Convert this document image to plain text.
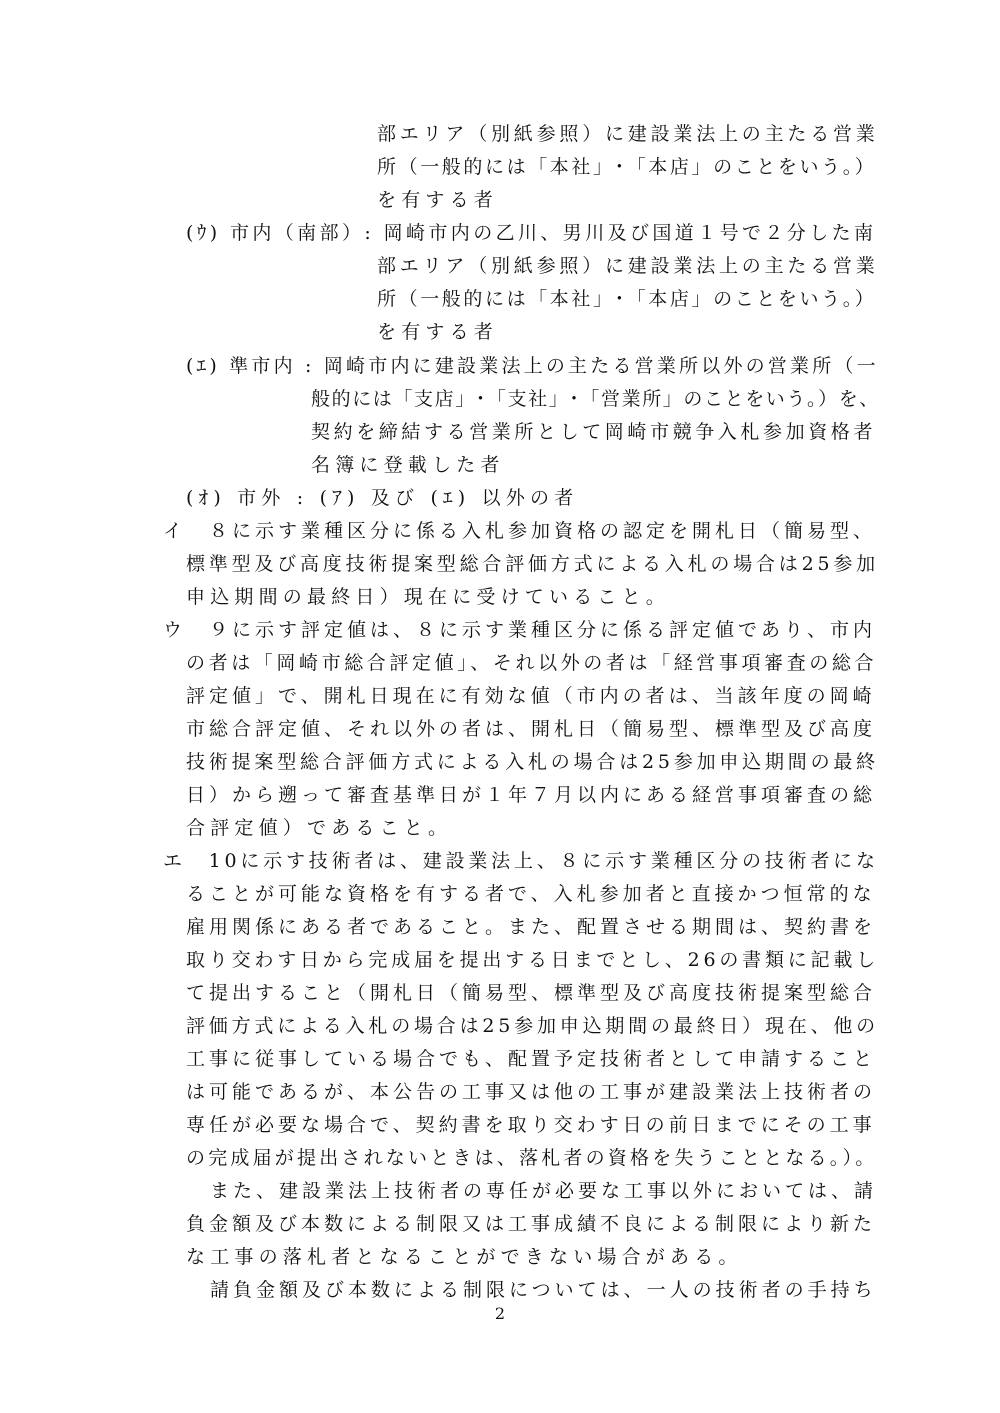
部エリア（別紙参照）に建設業法上の主たる営業
所（一般的には「本社」･「本店」のことをいう。）
を有する者
(ｳ) 市内（南部）: 岡崎市内の乙川、男川及び国道１号で２分した南
部エリア（別紙参照）に建設業法上の主たる営業
所（一般的には「本社」･「本店」のことをいう。）
を有する者
(ｴ) 準市内 : 岡崎市内に建設業法上の主たる営業所以外の営業所（一
般的には「支店」･「支社」･「営業所」のことをいう。）を、
契約を締結する営業所として岡崎市競争入札参加資格者
名簿に登載した者
(ｵ) 市外 : (ｱ) 及び (ｴ) 以外の者
イ　８に示す業種区分に係る入札参加資格の認定を開札日（簡易型、
標準型及び高度技術提案型総合評価方式による入札の場合は25参加
申込期間の最終日）現在に受けていること。
ウ　９に示す評定値は、８に示す業種区分に係る評定値であり、市内
の者は「岡崎市総合評定値」、それ以外の者は「経営事項審査の総合
評定値」で、開札日現在に有効な値（市内の者は、当該年度の岡崎
市総合評定値、それ以外の者は、開札日（簡易型、標準型及び高度
技術提案型総合評価方式による入札の場合は25参加申込期間の最終
日）から遡って審査基準日が１年７月以内にある経営事項審査の総
合評定値）であること。
エ　10に示す技術者は、建設業法上、８に示す業種区分の技術者にな
ることが可能な資格を有する者で、入札参加者と直接かつ恒常的な
雇用関係にある者であること。また、配置させる期間は、契約書を
取り交わす日から完成届を提出する日までとし、26の書類に記載し
て提出すること（開札日（簡易型、標準型及び高度技術提案型総合
評価方式による入札の場合は25参加申込期間の最終日）現在、他の
工事に従事している場合でも、配置予定技術者として申請すること
は可能であるが、本公告の工事又は他の工事が建設業法上技術者の
専任が必要な場合で、契約書を取り交わす日の前日までにその工事
の完成届が提出されないときは、落札者の資格を失うこととなる。）。
また、建設業法上技術者の専任が必要な工事以外においては、請
負金額及び本数による制限又は工事成績不良による制限により新た
な工事の落札者となることができない場合がある。
請負金額及び本数による制限については、一人の技術者の手持ち
2
